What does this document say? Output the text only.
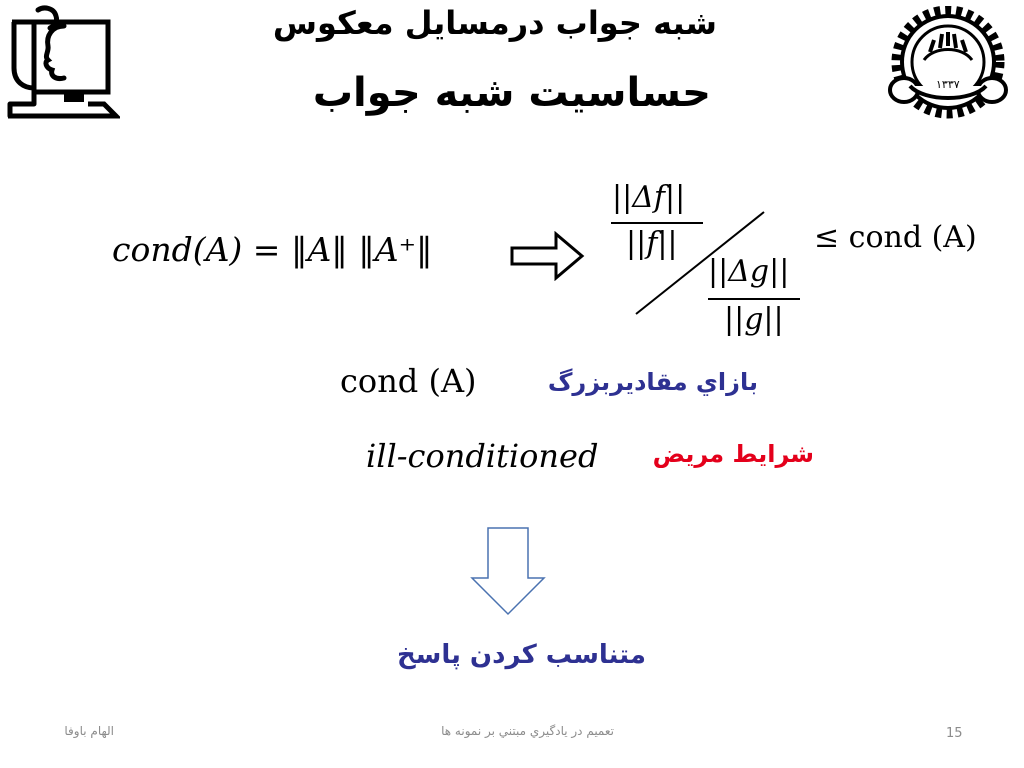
١٣٣٧
شبه جواب درمسایل معکوس
حساسیت شبه جواب
cond(A) = ‖A‖ ‖A⁺‖
||Δf||
||f||
||Δg||
||g||
≤ cond (A)
cond (A)	بازاي مقادیربزرگ
ill-conditioned شرایط مریض
متناسب کردن پاسخ
الهام باوفا	تعمیم در یادگیري مبتني بر نمونه ها	15
